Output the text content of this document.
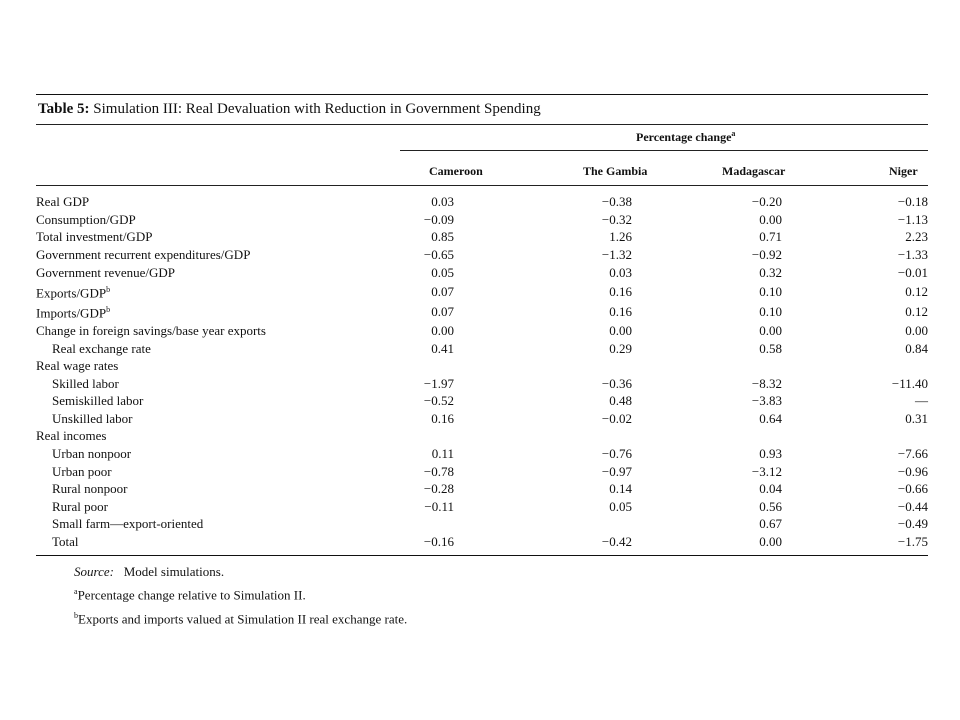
Table 5: Simulation III: Real Devaluation with Reduction in Government Spending
Percentage change$^a$
Cameroon	The Gambia	Madagascar	Niger
Real GDP	0.03	−0.38	−0.20	−0.18
Consumption/GDP	−0.09	−0.32	0.00	−1.13
Total investment/GDP	0.85	1.26	0.71	2.23
Government recurrent expenditures/GDP	−0.65	−1.32	−0.92	−1.33
Government revenue/GDP	0.05	0.03	0.32	−0.01
Exports/GDP$^b$	0.07	0.16	0.10	0.12
Imports/GDP$^b$	0.07	0.16	0.10	0.12
Change in foreign savings/base year exports	0.00	0.00	0.00	0.00
Real exchange rate	0.41	0.29	0.58	0.84
Real wage rates				
Skilled labor	−1.97	−0.36	−8.32	−11.40
Semiskilled labor	−0.52	0.48	−3.83	—
Unskilled labor	0.16	−0.02	0.64	0.31
Real incomes				
Urban nonpoor	0.11	−0.76	0.93	−7.66
Urban poor	−0.78	−0.97	−3.12	−0.96
Rural nonpoor	−0.28	0.14	0.04	−0.66
Rural poor	−0.11	0.05	0.56	−0.44
Small farm—export-oriented			0.67	−0.49
Total	−0.16	−0.42	0.00	−1.75
Source: Model simulations.
$^a$Percentage change relative to Simulation II.
$^b$Exports and imports valued at Simulation II real exchange rate.
